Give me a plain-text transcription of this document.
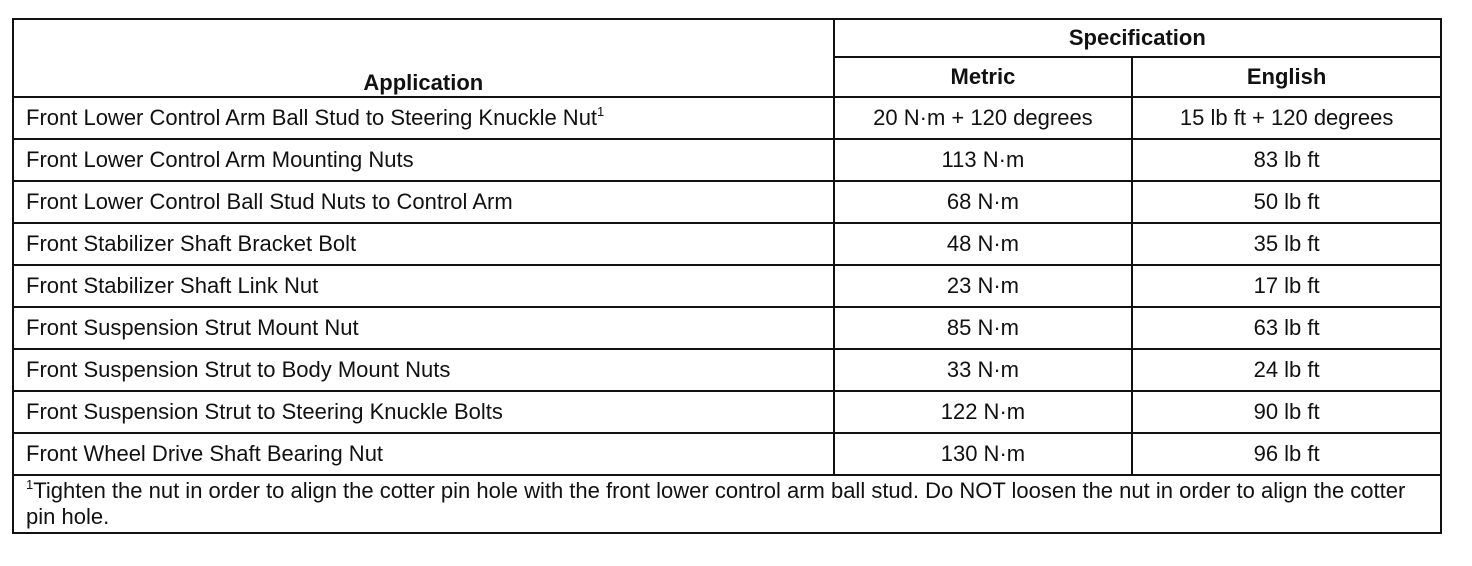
Application	Specification	
	Metric	English
Front Lower Control Arm Ball Stud to Steering Knuckle Nut$^1$	20 N·m + 120 degrees	15 lb ft + 120 degrees
Front Lower Control Arm Mounting Nuts	113 N·m	83 lb ft
Front Lower Control Ball Stud Nuts to Control Arm	68 N·m	50 lb ft
Front Stabilizer Shaft Bracket Bolt	48 N·m	35 lb ft
Front Stabilizer Shaft Link Nut	23 N·m	17 lb ft
Front Suspension Strut Mount Nut	85 N·m	63 lb ft
Front Suspension Strut to Body Mount Nuts	33 N·m	24 lb ft
Front Suspension Strut to Steering Knuckle Bolts	122 N·m	90 lb ft
Front Wheel Drive Shaft Bearing Nut	130 N·m	96 lb ft
$^1$Tighten the nut in order to align the cotter pin hole with the front lower control arm ball stud. Do NOT loosen the nut in order to align the cotter pin hole.		
